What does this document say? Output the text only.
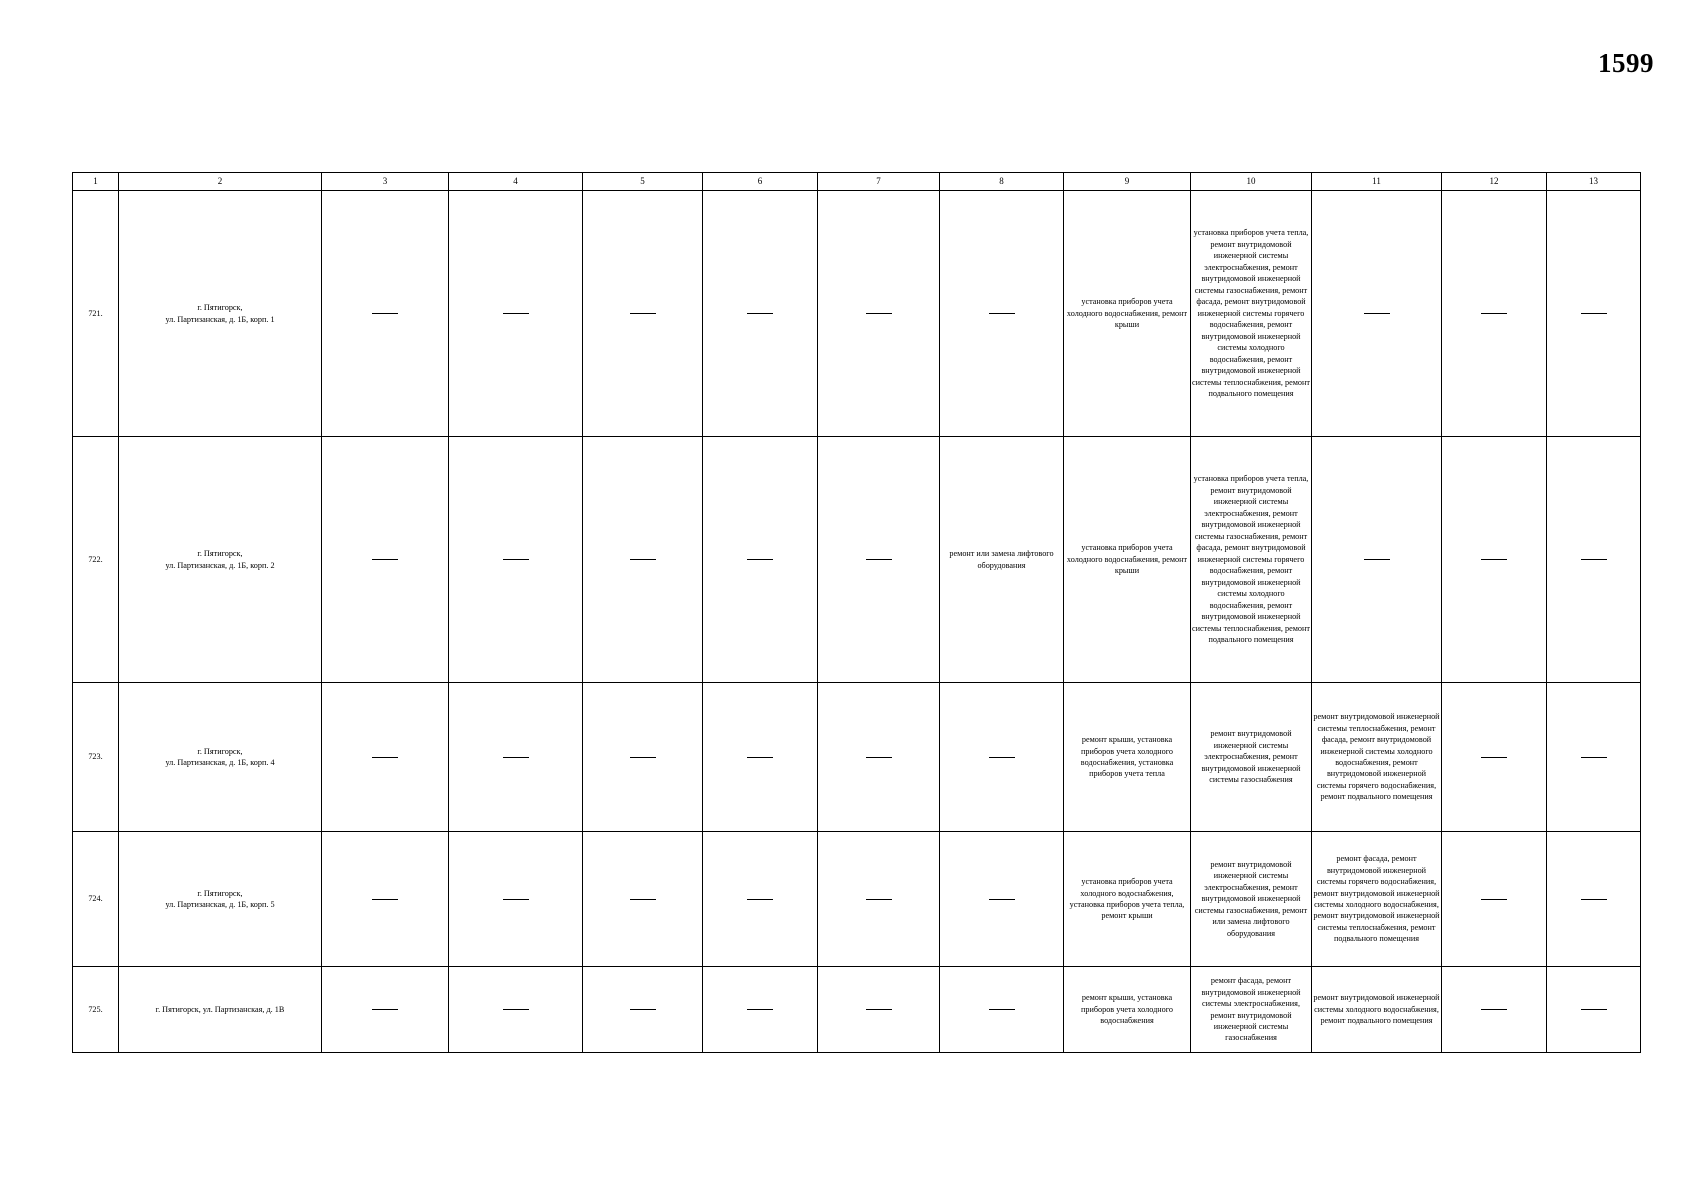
1599
1	2	3	4	5	6	7	8	9	10	11	12	13
721.	г. Пятигорск,
ул. Партизанская, д. 1Б, корп. 1							установка приборов учета холодного водоснабжения, ремонт крыши	установка приборов учета тепла, ремонт внутридомовой инженерной системы электроснабжения, ремонт внутридомовой инженерной системы газоснабжения, ремонт фасада, ремонт внутридомовой инженерной системы горячего водоснабжения, ремонт внутридомовой инженерной системы холодного водоснабжения, ремонт внутридомовой инженерной системы теплоснабжения, ремонт подвального помещения			
722.	г. Пятигорск,
ул. Партизанская, д. 1Б, корп. 2						ремонт или замена лифтового оборудования	установка приборов учета холодного водоснабжения, ремонт крыши	установка приборов учета тепла, ремонт внутридомовой инженерной системы электроснабжения, ремонт внутридомовой инженерной системы газоснабжения, ремонт фасада, ремонт внутридомовой инженерной системы горячего водоснабжения, ремонт внутридомовой инженерной системы холодного водоснабжения, ремонт внутридомовой инженерной системы теплоснабжения, ремонт подвального помещения			
723.	г. Пятигорск,
ул. Партизанская, д. 1Б, корп. 4							ремонт крыши, установка приборов учета холодного водоснабжения, установка приборов учета тепла	ремонт внутридомовой инженерной системы электроснабжения, ремонт внутридомовой инженерной системы газоснабжения	ремонт внутридомовой инженерной системы теплоснабжения, ремонт фасада, ремонт внутридомовой инженерной системы холодного водоснабжения, ремонт внутридомовой инженерной системы горячего водоснабжения, ремонт подвального помещения		
724.	г. Пятигорск,
ул. Партизанская, д. 1Б, корп. 5							установка приборов учета холодного водоснабжения, установка приборов учета тепла, ремонт крыши	ремонт внутридомовой инженерной системы электроснабжения, ремонт внутридомовой инженерной системы газоснабжения, ремонт или замена лифтового оборудования	ремонт фасада, ремонт внутридомовой инженерной системы горячего водоснабжения, ремонт внутридомовой инженерной системы холодного водоснабжения, ремонт внутридомовой инженерной системы теплоснабжения, ремонт подвального помещения		
725.	г. Пятигорск, ул. Партизанская, д. 1В							ремонт крыши, установка приборов учета холодного водоснабжения	ремонт фасада, ремонт внутридомовой инженерной системы электроснабжения, ремонт внутридомовой инженерной системы газоснабжения	ремонт внутридомовой инженерной системы холодного водоснабжения, ремонт подвального помещения		
